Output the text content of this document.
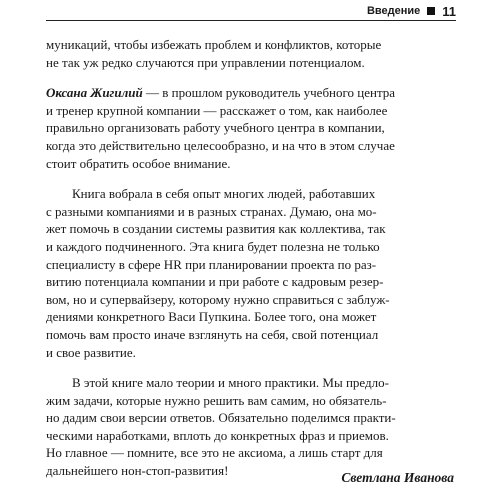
Введение 11

муникаций, чтобы избежать проблем и конфликтов, которые
не так уж редко случаются при управлении потенциалом.

Оксана Жигилий — в прошлом руководитель учебного центра
и тренер крупной компании — расскажет о том, как наиболее
правильно организовать работу учебного центра в компании,
когда это действительно целесообразно, и на что в этом случае
стоит обратить особое внимание.

Книга вобрала в себя опыт многих людей, работавших
с разными компаниями и в разных странах. Думаю, она мо-
жет помочь в создании системы развития как коллектива, так
и каждого подчиненного. Эта книга будет полезна не только
специалисту в сфере HR при планировании проекта по раз-
витию потенциала компании и при работе с кадровым резер-
вом, но и супервайзеру, которому нужно справиться с заблуж-
дениями конкретного Васи Пупкина. Более того, она может
помочь вам просто иначе взглянуть на себя, свой потенциал
и свое развитие.

В этой книге мало теории и много практики. Мы предло-
жим задачи, которые нужно решить вам самим, но обязатель-
но дадим свои версии ответов. Обязательно поделимся практи-
ческими наработками, вплоть до конкретных фраз и приемов.
Но главное — помните, все это не аксиома, а лишь старт для
дальнейшего нон-стоп-развития!	Светлана Иванова
